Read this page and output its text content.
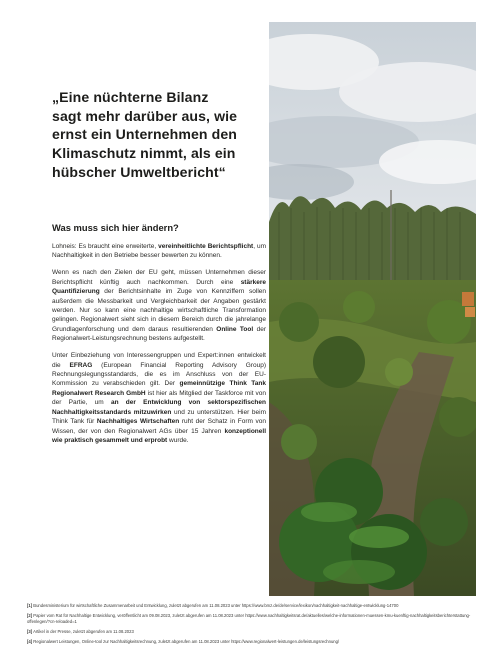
„Eine nüchterne Bilanz
sagt mehr darüber aus, wie
ernst ein Unternehmen den
Klimaschutz nimmt, als ein
hübscher Umweltbericht“
Was muss sich hier ändern?

Lohneis: Es braucht eine erweiterte, vereinheitlichte Berichtspflicht, um Nachhaltigkeit in den Betriebe besser bewerten zu können.

Wenn es nach den Zielen der EU geht, müssen Unternehmen dieser Berichtspflicht künftig auch nachkommen. Durch eine stärkere Quantifizierung der Berichtsinhalte im Zuge von Kennziffern sollen außerdem die Messbarkeit und Vergleichbarkeit der Angaben gestärkt werden. Nur so kann eine nachhaltige wirtschaftliche Transformation gelingen. Regionalwert sieht sich in diesem Bereich durch die jahrelange Grundlagenforschung und dem daraus resultierenden Online Tool der Regionalwert-Leistungsrechnung bestens aufgestellt.

Unter Einbeziehung von Interessengruppen und Expert:innen entwickelt die EFRAG (European Financial Reporting Advisory Group) Rechnungslegungsstandards, die es im Anschluss von der EU-Kommission zu verabschieden gilt. Der gemeinnützige Think Tank Regionalwert Research GmbH ist hier als Mitglied der Taskforce mit von der Partie, um an der Entwicklung von sektorspezifischen Nachhaltigkeitsstandards mitzuwirken und zu unterstützen. Hier beim Think Tank für Nachhaltiges Wirtschaften ruht der Schatz in Form von Wissen, der von den Regionalwert AGs über 15 Jahren konzeptionell wie praktisch gesammelt und erprobt wurde.

[1] Bundesministerium für wirtschaftliche Zusammenarbeit und Entwicklung, zuletzt abgerufen am 11.08.2023 unter https://www.bmz.de/de/service/lexikon/nachhaltigkeit-nachhaltige-entwicklung-14700
[2] Papier vom Rat für Nachhaltige Entwicklung, veröffentlicht am 09.08.2023, zuletzt abgerufen am 11.08.2023 unter https://www.nachhaltigkeitsrat.de/aktuelles/welche-informationen-muessen-kmu-kuenftig-nachhaltigkeitsberichterstattung-offenlegen/?cn-reloaded=1
[3] Artikel in der Presse, zuletzt abgerufen am 11.08.2023
[4] Regionalwert Leistungen, Online-tool zur Nachhaltigkeitsrechnung, zuletzt abgerufen am 11.08.2023 unter https://www.regionalwert-leistungen.de/leistungsrechnung/
